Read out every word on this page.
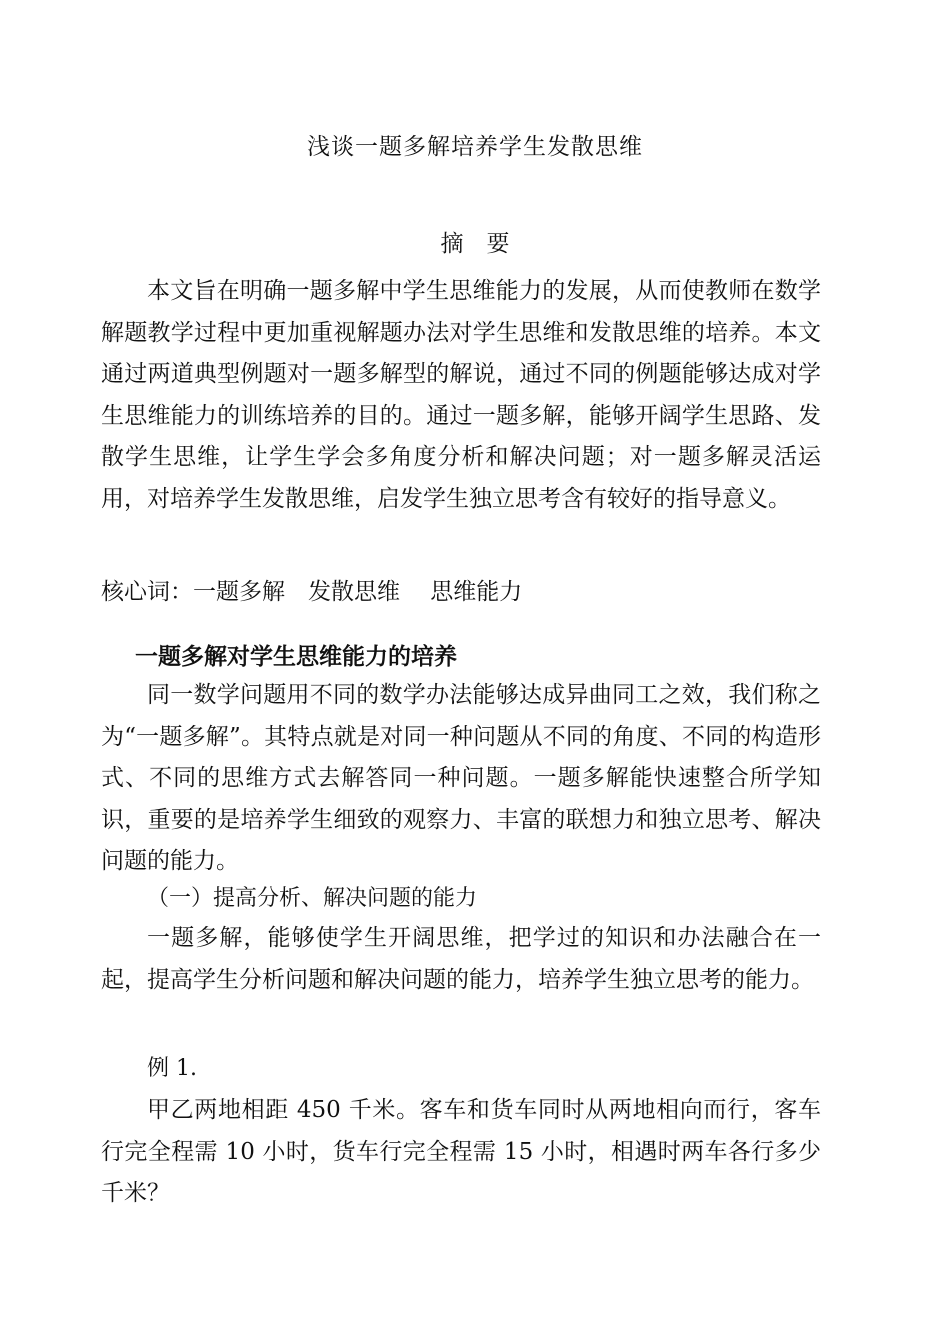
浅谈一题多解培养学生发散思维
摘　要

本文旨在明确一题多解中学生思维能力的发展，从而使教师在数学解题教学过程中更加重视解题办法对学生思维和发散思维的培养。本文通过两道典型例题对一题多解型的解说，通过不同的例题能够达成对学生思维能力的训练培养的目的。通过一题多解，能够开阔学生思路、发散学生思维，让学生学会多角度分析和解决问题；对一题多解灵活运用，对培养学生发散思维，启发学生独立思考含有较好的指导意义。

核心词：一题多解　发散思维　 思维能力
一题多解对学生思维能力的培养

同一数学问题用不同的数学办法能够达成异曲同工之效，我们称之为“一题多解”。其特点就是对同一种问题从不同的角度、不同的构造形式、不同的思维方式去解答同一种问题。一题多解能快速整合所学知识，重要的是培养学生细致的观察力、丰富的联想力和独立思考、解决问题的能力。

（一）提高分析、解决问题的能力

一题多解，能够使学生开阔思维，把学过的知识和办法融合在一起，提高学生分析问题和解决问题的能力，培养学生独立思考的能力。

例 1.

甲乙两地相距 450 千米。客车和货车同时从两地相向而行，客车行完全程需 10 小时，货车行完全程需 15 小时，相遇时两车各行多少千米？
